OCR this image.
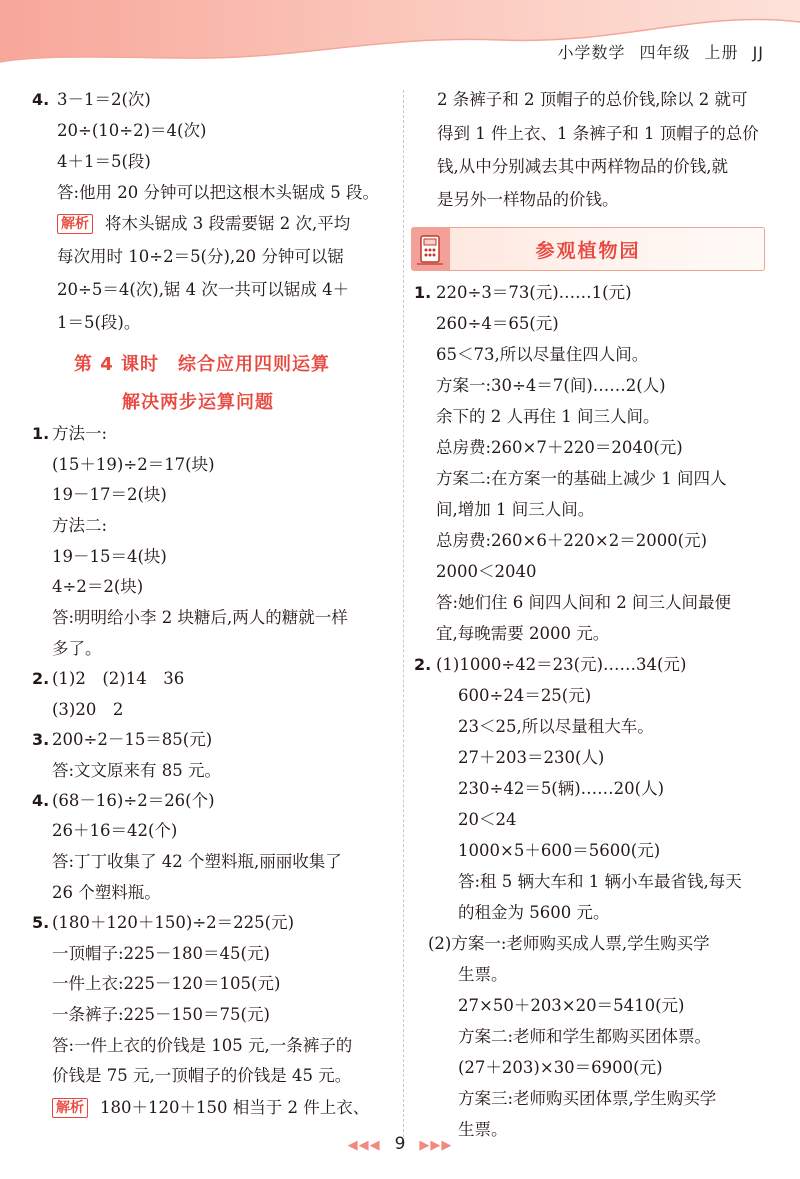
小学数学 四年级 上册 JJ
4. 3－1＝2(次)
20÷(10÷2)＝4(次)
4＋1＝5(段)
答:他用 20 分钟可以把这根木头锯成 5 段。
解析 将木头锯成 3 段需要锯 2 次,平均
每次用时 10÷2＝5(分),20 分钟可以锯
20÷5＝4(次),锯 4 次一共可以锯成 4＋
1＝5(段)。
第 4 课时　综合应用四则运算
解决两步运算问题
1. 方法一:
(15＋19)÷2＝17(块)
19－17＝2(块)
方法二:
19－15＝4(块)
4÷2＝2(块)
答:明明给小李 2 块糖后,两人的糖就一样
多了。
2. (1)2　(2)14　36
(3)20　2
3. 200÷2－15＝85(元)
答:文文原来有 85 元。
4. (68－16)÷2＝26(个)
26＋16＝42(个)
答:丁丁收集了 42 个塑料瓶,丽丽收集了
26 个塑料瓶。
5. (180＋120＋150)÷2＝225(元)
一顶帽子:225－180＝45(元)
一件上衣:225－120＝105(元)
一条裤子:225－150＝75(元)
答:一件上衣的价钱是 105 元,一条裤子的
价钱是 75 元,一顶帽子的价钱是 45 元。
解析 180＋120＋150 相当于 2 件上衣、
2 条裤子和 2 顶帽子的总价钱,除以 2 就可
得到 1 件上衣、1 条裤子和 1 顶帽子的总价
钱,从中分别减去其中两样物品的价钱,就
是另外一样物品的价钱。
参观植物园
1. 220÷3＝73(元)……1(元)
260÷4＝65(元)
65＜73,所以尽量住四人间。
方案一:30÷4＝7(间)……2(人)
余下的 2 人再住 1 间三人间。
总房费:260×7＋220＝2040(元)
方案二:在方案一的基础上减少 1 间四人
间,增加 1 间三人间。
总房费:260×6＋220×2＝2000(元)
2000＜2040
答:她们住 6 间四人间和 2 间三人间最便
宜,每晚需要 2000 元。
2. (1)1000÷42＝23(元)……34(元)
600÷24＝25(元)
23＜25,所以尽量租大车。
27＋203＝230(人)
230÷42＝5(辆)……20(人)
20＜24
1000×5＋600＝5600(元)
答:租 5 辆大车和 1 辆小车最省钱,每天
的租金为 5600 元。
(2)方案一:老师购买成人票,学生购买学
生票。
27×50＋203×20＝5410(元)
方案二:老师和学生都购买团体票。
(27＋203)×30＝6900(元)
方案三:老师购买团体票,学生购买学
生票。
◀◀◀ 9 ▶▶▶
